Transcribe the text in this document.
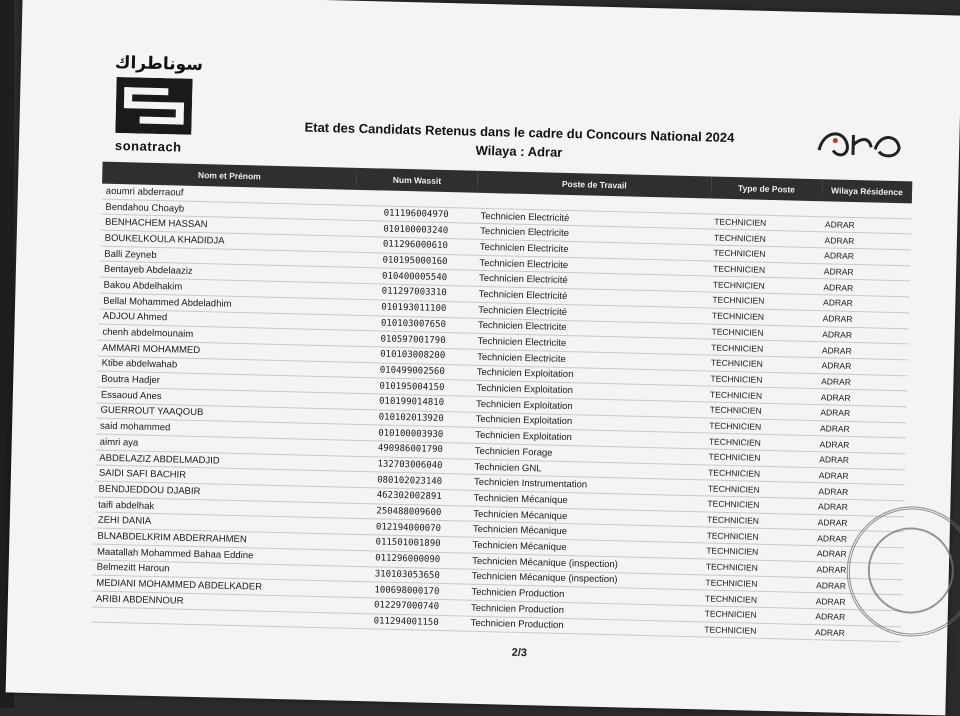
سوناطراك
sonatrach
Etat des Candidats Retenus dans le cadre du Concours National 2024
Wilaya : Adrar
Nom et Prénom	Num Wassit	Poste de Travail	Type de Poste	Wilaya Résidence
aoumri abderraouf				
Bendahou Choayb	011196004970	Technicien Electricité	TECHNICIEN	ADRAR
BENHACHEM HASSAN	010100003240	Technicien Electricite	TECHNICIEN	ADRAR
BOUKELKOULA KHADIDJA	011296000610	Technicien Electricite	TECHNICIEN	ADRAR
Balli Zeyneb	010195000160	Technicien Electricite	TECHNICIEN	ADRAR
Bentayeb Abdelaaziz	010400005540	Technicien Electricité	TECHNICIEN	ADRAR
Bakou Abdelhakim	011297003310	Technicien Electricité	TECHNICIEN	ADRAR
Bellal Mohammed Abdeladhim	010193011100	Technicien Electricité	TECHNICIEN	ADRAR
ADJOU Ahmed	010103007650	Technicien Electricite	TECHNICIEN	ADRAR
chenh abdelmounaim	010597001790	Technicien Electricite	TECHNICIEN	ADRAR
AMMARI MOHAMMED	010103008200	Technicien Electricite	TECHNICIEN	ADRAR
Ktibe abdelwahab	010499002560	Technicien Exploitation	TECHNICIEN	ADRAR
Boutra Hadjer	010195004150	Technicien Exploitation	TECHNICIEN	ADRAR
Essaoud Anes	010199014810	Technicien Exploitation	TECHNICIEN	ADRAR
GUERROUT YAAQOUB	010102013920	Technicien Exploitation	TECHNICIEN	ADRAR
said mohammed	010100003930	Technicien Exploitation	TECHNICIEN	ADRAR
aimri aya	490986001790	Technicien Forage	TECHNICIEN	ADRAR
ABDELAZIZ ABDELMADJID	132703006040	Technicien GNL	TECHNICIEN	ADRAR
SAIDI SAFI BACHIR	080102023140	Technicien Instrumentation	TECHNICIEN	ADRAR
BENDJEDDOU DJABIR	462302002891	Technicien Mécanique	TECHNICIEN	ADRAR
taifi abdelhak	250488009600	Technicien Mécanique	TECHNICIEN	ADRAR
ZEHI DANIA	012194000070	Technicien Mécanique	TECHNICIEN	ADRAR
BLNABDELKRIM ABDERRAHMEN	011501001890	Technicien Mécanique	TECHNICIEN	ADRAR
Maatallah Mohammed Bahaa Eddine	011296000090	Technicien Mécanique (inspection)	TECHNICIEN	ADRAR
Belmezitt Haroun	310103053650	Technicien Mécanique (inspection)	TECHNICIEN	ADRAR
MEDIANI MOHAMMED ABDELKADER	100698000170	Technicien Production	TECHNICIEN	ADRAR
ARIBI ABDENNOUR	012297000740	Technicien Production	TECHNICIEN	ADRAR
	011294001150	Technicien Production	TECHNICIEN	ADRAR
2/3
